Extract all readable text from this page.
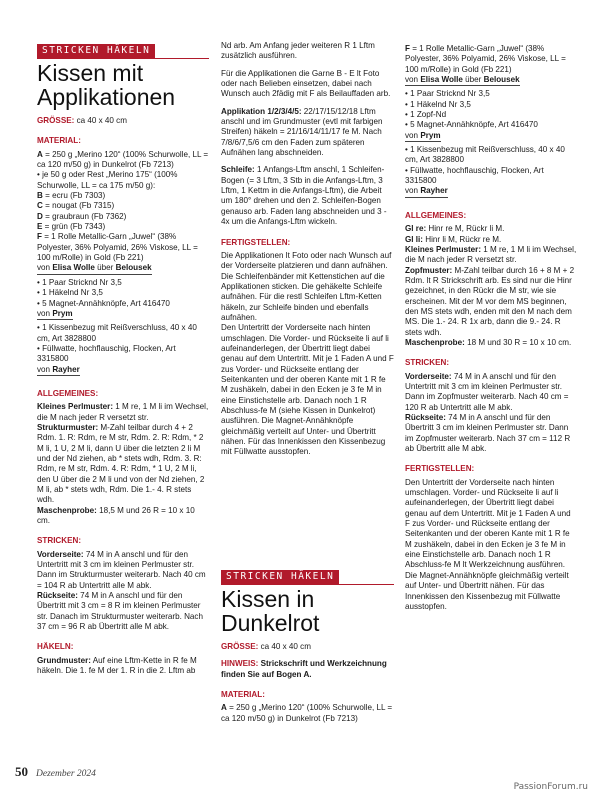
STRICKEN HÄKELN
Kissen mit
Applikationen
GRÖSSE: ca 40 x 40 cm
MATERIAL:
A = 250 g „Merino 120“ (100% Schurwolle, LL = ca 120 m/50 g) in Dunkelrot (Fb 7213)
• je 50 g oder Rest „Merino 175“ (100% Schurwolle, LL = ca 175 m/50 g):
B = ecru (Fb 7303)
C = nougat (Fb 7315)
D = graubraun (Fb 7362)
E = grün (Fb 7343)
F = 1 Rolle Metallic-Garn „Juwel“ (38% Polyester, 36% Polyamid, 26% Viskose, LL = 100 m/Rolle) in Gold (Fb 221)
von Elisa Wolle über Belousek
• 1 Paar Stricknd Nr 3,5
• 1 Häkelnd Nr 3,5
• 5 Magnet-Annähknöpfe, Art 416470
von Prym
• 1 Kissenbezug mit Reißverschluss, 40 x 40 cm, Art 3828800
• Füllwatte, hochflauschig, Flocken, Art 3315800
von Rayher
ALLGEMEINES:
Kleines Perlmuster: 1 M re, 1 M li im Wechsel, die M nach jeder R versetzt str.
Strukturmuster: M-Zahl teilbar durch 4 + 2 Rdm. 1. R: Rdm, re M str, Rdm. 2. R: Rdm, * 2 M li, 1 U, 2 M li, dann U über die letzten 2 li M und der Nd ziehen, ab * stets wdh, Rdm. 3. R: Rdm, re M str, Rdm. 4. R: Rdm, * 1 U, 2 M li, den U über die 2 M li und von der Nd ziehen, 2 M li, ab * stets wdh, Rdm. Die 1.- 4. R stets wdh.
Maschenprobe: 18,5 M und 26 R = 10 x 10 cm.
STRICKEN:
Vorderseite: 74 M in A anschl und für den Untertritt mit 3 cm im kleinen Perlmuster str. Dann im Strukturmuster weiterarb. Nach 40 cm = 104 R ab Untertritt alle M abk.
Rückseite: 74 M in A anschl und für den Übertritt mit 3 cm = 8 R im kleinen Perlmuster str. Danach im Strukturmuster weiterarb. Nach 37 cm = 96 R ab Übertritt alle M abk.
HÄKELN:
Grundmuster: Auf eine Lftm-Kette in R fe M häkeln. Die 1. fe M der 1. R in die 2. Lftm ab
Nd arb. Am Anfang jeder weiteren R 1 Lftm zusätzlich ausführen.
Für die Applikationen die Garne B - E lt Foto oder nach Belieben einsetzen, dabei nach Wunsch auch 2fädig mit F als Beilauffaden arb.
Applikation 1/2/3/4/5: 22/17/15/12/18 Lftm anschl und im Grundmuster (evtl mit farbigen Streifen) häkeln = 21/16/14/11/17 fe M. Nach 7/8/6/7,5/6 cm den Faden zum späteren Aufnähen lang abschneiden.
Schleife: 1 Anfangs-Lftm anschl, 1 Schleifen-Bogen (= 3 Lftm, 3 Stb in die Anfangs-Lftm, 3 Lftm, 1 Kettm in die Anfangs-Lftm), die Arbeit um 180° drehen und den 2. Schleifen-Bogen genauso arb. Faden lang abschneiden und 3 - 4x um die Anfangs-Lftm wickeln.
FERTIGSTELLEN:
Die Applikationen lt Foto oder nach Wunsch auf der Vorderseite platzieren und dann aufnähen. Die Schleifenbänder mit Kettenstichen auf die Applikationen sticken. Die gehäkelte Schleife aufnähen. Für die restl Schleifen Lftm-Ketten häkeln, zur Schleife binden und ebenfalls aufnähen.
Den Untertritt der Vorderseite nach hinten umschlagen. Die Vorder- und Rückseite li auf li aufeinanderlegen, der Übertritt liegt dabei genau auf dem Untertritt. Mit je 1 Faden A und F zus Vorder- und Rückseite entlang der Seitenkanten und der oberen Kante mit 1 R fe M zushäkeln, dabei in den Ecken je 3 fe M in eine Einstichstelle arb. Danach noch 1 R Abschluss-fe M (siehe Kissen in Dunkelrot) ausführen. Die Magnet-Annähknöpfe gleichmäßig verteilt auf Unter- und Übertritt nähen. Für das Innenkissen den Kissenbezug mit Füllwatte ausstopfen.
STRICKEN HÄKELN
Kissen in
Dunkelrot
GRÖSSE: ca 40 x 40 cm
HINWEIS: Strickschrift und Werkzeichnung finden Sie auf Bogen A.
MATERIAL:
A = 250 g „Merino 120“ (100% Schurwolle, LL = ca 120 m/50 g) in Dunkelrot (Fb 7213)
F = 1 Rolle Metallic-Garn „Juwel“ (38% Polyester, 36% Polyamid, 26% Viskose, LL = 100 m/Rolle) in Gold (Fb 221)
von Elisa Wolle über Belousek
• 1 Paar Stricknd Nr 3,5
• 1 Häkelnd Nr 3,5
• 1 Zopf-Nd
• 5 Magnet-Annähknöpfe, Art 416470
von Prym
• 1 Kissenbezug mit Reißverschluss, 40 x 40 cm, Art 3828800
• Füllwatte, hochflauschig, Flocken, Art 3315800
von Rayher
ALLGEMEINES:
Gl re: Hinr re M, Rückr li M.
Gl li: Hinr li M, Rückr re M.
Kleines Perlmuster: 1 M re, 1 M li im Wechsel, die M nach jeder R versetzt str.
Zopfmuster: M-Zahl teilbar durch 16 + 8 M + 2 Rdm. lt R Strickschrift arb. Es sind nur die Hinr gezeichnet, in den Rückr die M str, wie sie erscheinen. Mit der M vor dem MS beginnen, den MS stets wdh, enden mit den M nach dem MS. Die 1.- 24. R 1x arb, dann die 9.- 24. R stets wdh.
Maschenprobe: 18 M und 30 R = 10 x 10 cm.
STRICKEN:
Vorderseite: 74 M in A anschl und für den Untertritt mit 3 cm im kleinen Perlmuster str. Dann im Zopfmuster weiterarb. Nach 40 cm = 120 R ab Untertritt alle M abk.
Rückseite: 74 M in A anschl und für den Übertritt 3 cm im kleinen Perlmuster str. Dann im Zopfmuster weiterarb. Nach 37 cm = 112 R ab Übertritt alle M abk.
FERTIGSTELLEN:
Den Untertritt der Vorderseite nach hinten umschlagen. Vorder- und Rückseite li auf li aufeinanderlegen, der Übertritt liegt dabei genau auf dem Untertritt. Mit je 1 Faden A und F zus Vorder- und Rückseite entlang der Seitenkanten und der oberen Kante mit 1 R fe M zushäkeln, dabei in den Ecken je 3 fe M in eine Einstichstelle arb. Danach noch 1 R Abschluss-fe M lt Werkzeichnung ausführen. Die Magnet-Annähknöpfe gleichmäßig verteilt auf Unter- und Übertritt nähen. Für das Innenkissen den Kissenbezug mit Füllwatte ausstopfen.
50 Dezember 2024
PassionForum.ru
